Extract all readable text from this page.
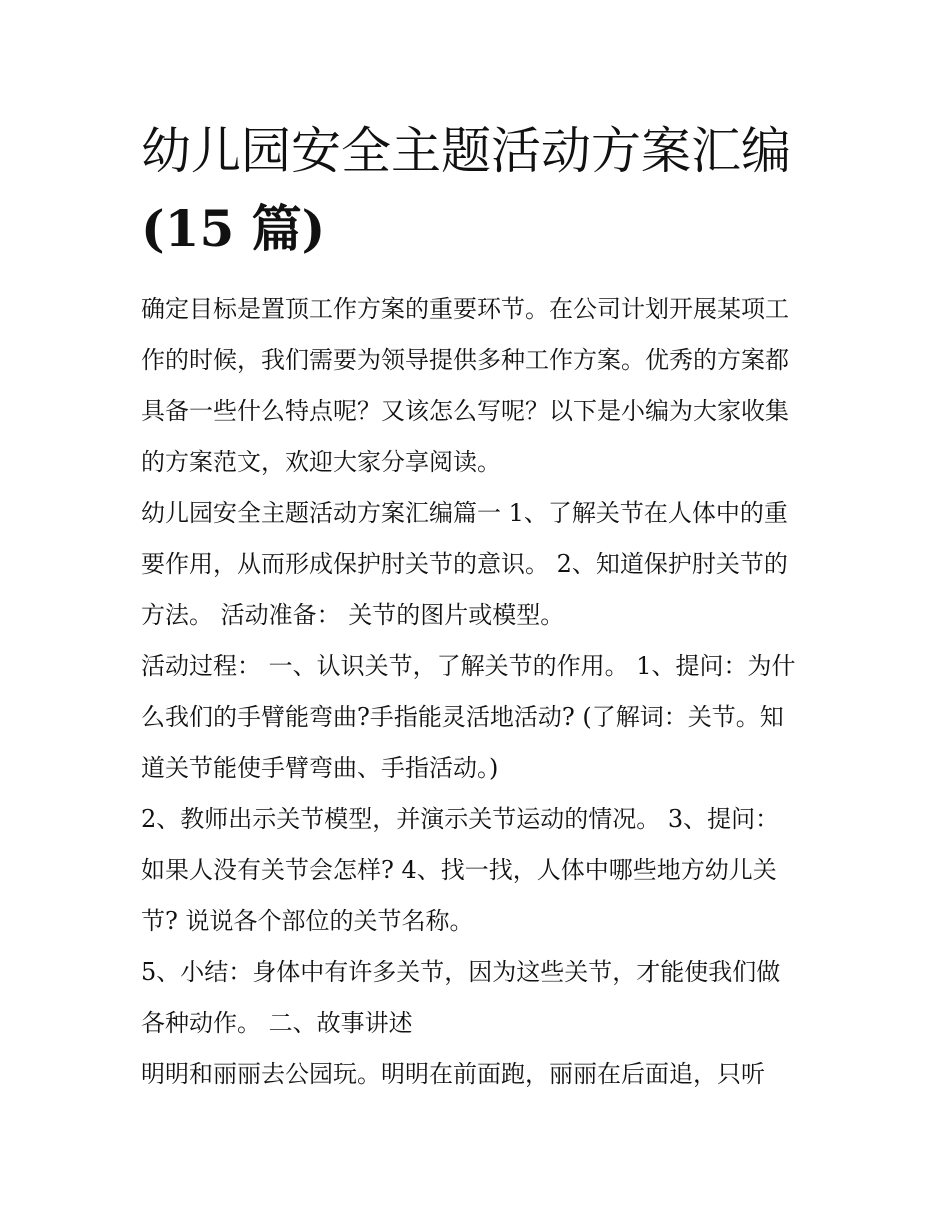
幼儿园安全主题活动方案汇编
(15 篇)

确定目标是置顶工作方案的重要环节。在公司计划开展某项工
作的时候，我们需要为领导提供多种工作方案。优秀的方案都
具备一些什么特点呢？又该怎么写呢？以下是小编为大家收集
的方案范文，欢迎大家分享阅读。

幼儿园安全主题活动方案汇编篇一 1、了解关节在人体中的重
要作用，从而形成保护肘关节的意识。 2、知道保护肘关节的
方法。 活动准备： 关节的图片或模型。

活动过程： 一、认识关节，了解关节的作用。 1、提问：为什
么我们的手臂能弯曲?手指能灵活地活动? (了解词：关节。知
道关节能使手臂弯曲、手指活动。)

2、教师出示关节模型，并演示关节运动的情况。 3、提问：
如果人没有关节会怎样? 4、找一找，人体中哪些地方幼儿关
节? 说说各个部位的关节名称。

5、小结：身体中有许多关节，因为这些关节，才能使我们做
各种动作。 二、故事讲述

明明和丽丽去公园玩。明明在前面跑，丽丽在后面追，只听
